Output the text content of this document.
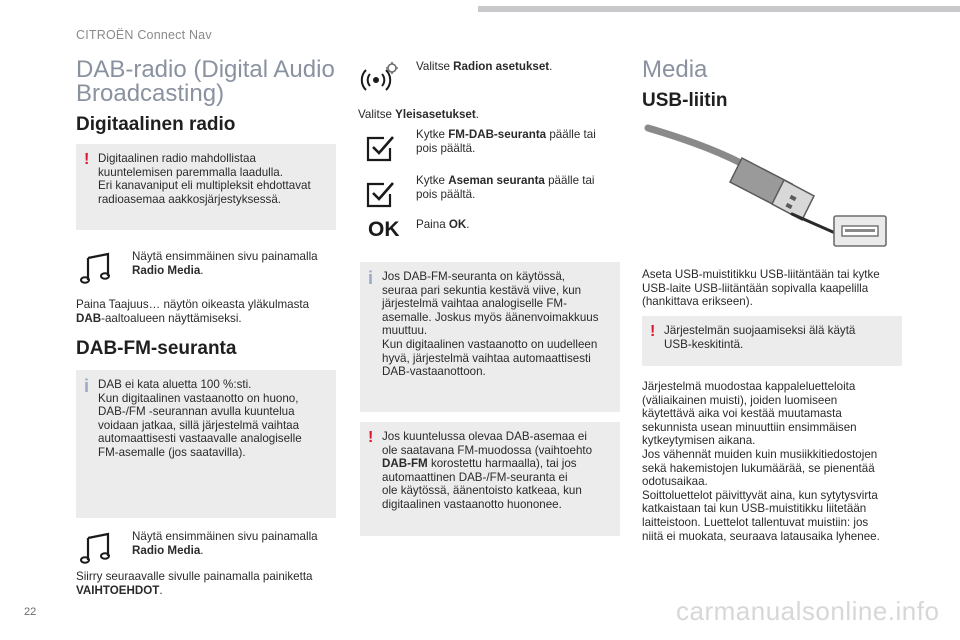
CITROËN Connect Nav
DAB-radio (Digital Audio
Broadcasting)
Digitaalinen radio
! Digitaalinen radio mahdollistaa
kuuntelemisen paremmalla laadulla.
Eri kanavaniput eli multipleksit ehdottavat
radioasemaa aakkosjärjestyksessä.
Näytä ensimmäinen sivu painamalla
Radio Media.
Paina Taajuus… näytön oikeasta yläkulmasta
DAB-aaltoalueen näyttämiseksi.
DAB-FM-seuranta
i DAB ei kata aluetta 100 %:sti.
Kun digitaalinen vastaanotto on huono,
DAB-/FM -seurannan avulla kuuntelua
voidaan jatkaa, sillä järjestelmä vaihtaa
automaattisesti vastaavalle analogiselle
FM-asemalle (jos saatavilla).
Näytä ensimmäinen sivu painamalla
Radio Media.
Siirry seuraavalle sivulle painamalla painiketta
VAIHTOEHDOT.
Valitse Radion asetukset.
Valitse Yleisasetukset.
Kytke FM-DAB-seuranta päälle tai
pois päältä.
Kytke Aseman seuranta päälle tai
pois päältä.
OK	Paina OK.
i Jos DAB-FM-seuranta on käytössä,
seuraa pari sekuntia kestävä viive, kun
järjestelmä vaihtaa analogiselle FM-
asemalle. Joskus myös äänenvoimakkuus
muuttuu.
Kun digitaalinen vastaanotto on uudelleen
hyvä, järjestelmä vaihtaa automaattisesti
DAB-vastaanottoon.
! Jos kuuntelussa olevaa DAB-asemaa ei
ole saatavana FM-muodossa (vaihtoehto
DAB-FM korostettu harmaalla), tai jos
automaattinen DAB-/FM-seuranta ei
ole käytössä, äänentoisto katkeaa, kun
digitaalinen vastaanotto huononee.
Media
USB-liitin
Aseta USB-muistitikku USB-liitäntään tai kytke
USB-laite USB-liitäntään sopivalla kaapelilla
(hankittava erikseen).
! Järjestelmän suojaamiseksi älä käytä
USB-keskitintä.
Järjestelmä muodostaa kappaleluetteloita
(väliaikainen muisti), joiden luomiseen
käytettävä aika voi kestää muutamasta
sekunnista usean minuuttiin ensimmäisen
kytkeytymisen aikana.
Jos vähennät muiden kuin musiikkitiedostojen
sekä hakemistojen lukumäärää, se pienentää
odotusaikaa.
Soittoluettelot päivittyvät aina, kun sytytysvirta
katkaistaan tai kun USB-muistitikku liitetään
laitteistoon. Luettelot tallentuvat muistiin: jos
niitä ei muokata, seuraava latausaika lyhenee.
22	carmanualsonline.info
